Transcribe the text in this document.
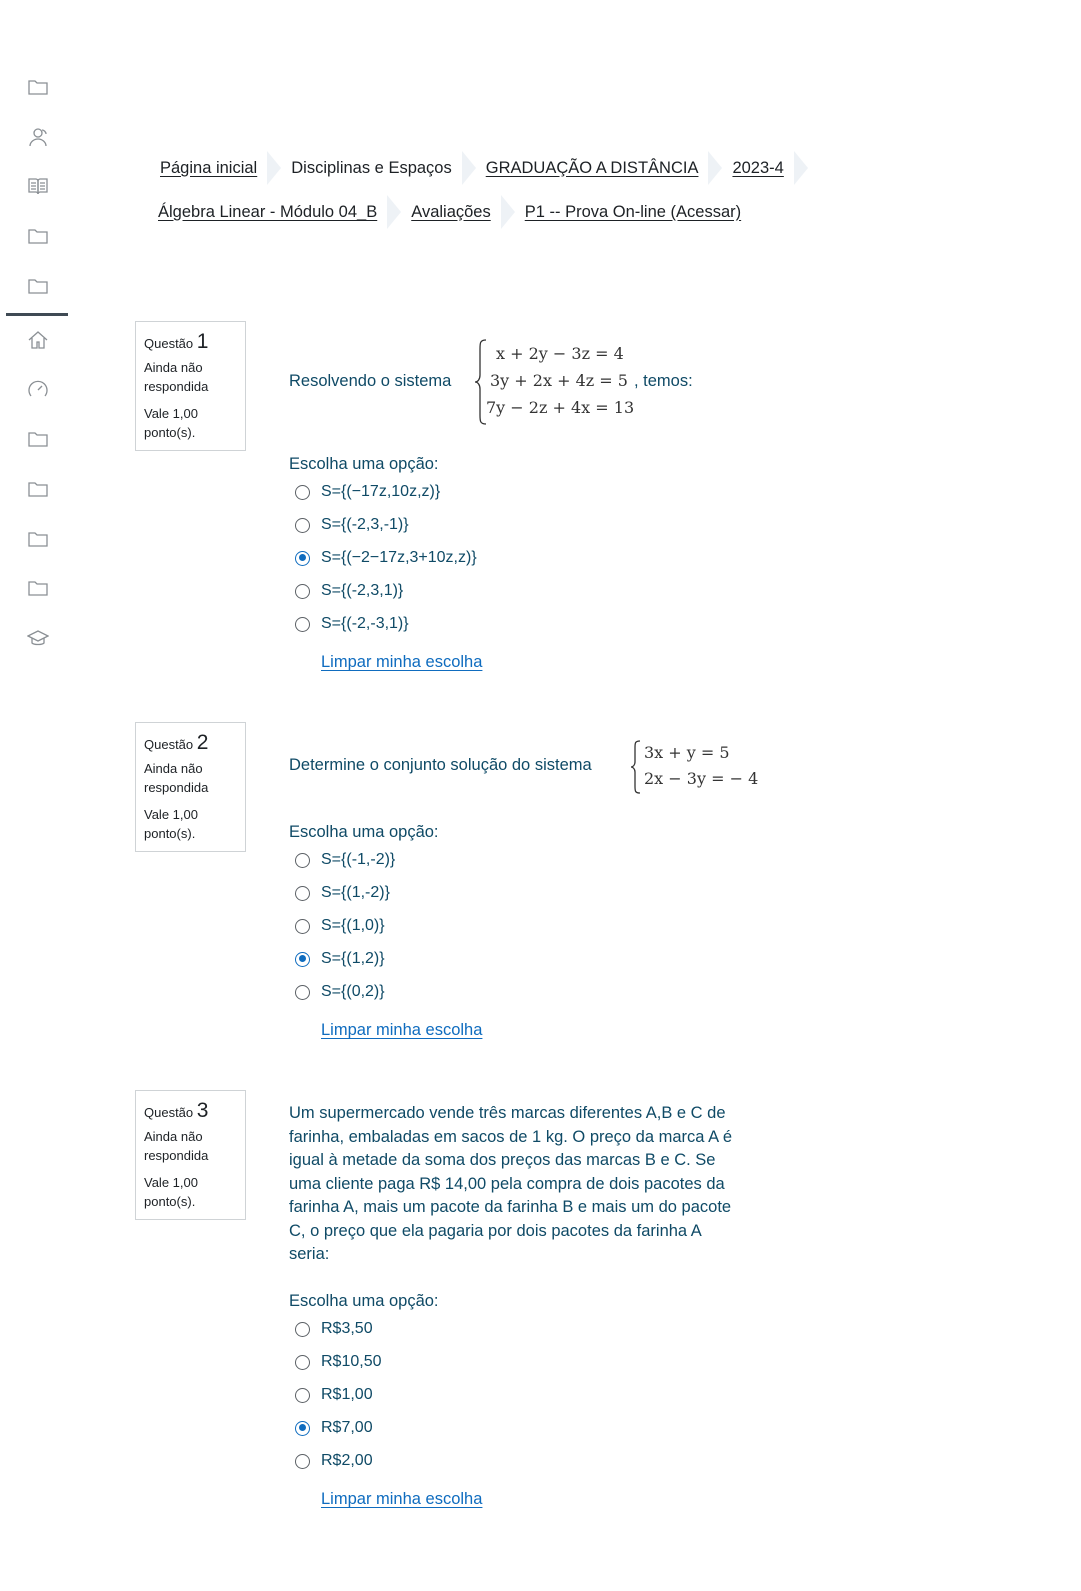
'''
Página inicial Disciplinas e Espaços GRADUAÇÃO A DISTÂNCIA 2023-4
Álgebra Linear - Módulo 04_B Avaliações P1 -- Prova On-line (Acessar)
Questão 1
Ainda não respondida
Vale 1,00 ponto(s).
Resolvendo o sistema
x + 2y − 3z = 4
3y + 2x + 4z = 5
7y − 2z + 4x = 13
, temos:
Escolha uma opção:
S={(−17z,10z,z)}
S={(-2,3,-1)}
S={(−2−17z,3+10z,z)}
S={(-2,3,1)}
S={(-2,-3,1)}
Limpar minha escolha
Questão 2
Ainda não respondida
Vale 1,00 ponto(s).
Determine o conjunto solução do sistema
3x + y = 5
2x − 3y = − 4
Escolha uma opção:
S={(-1,-2)}
S={(1,-2)}
S={(1,0)}
S={(1,2)}
S={(0,2)}
Limpar minha escolha
Questão 3
Ainda não respondida
Vale 1,00 ponto(s).
Um supermercado vende três marcas diferentes A,B e C de
farinha, embaladas em sacos de 1 kg. O preço da marca A é
igual à metade da soma dos preços das marcas B e C. Se
uma cliente paga R$ 14,00 pela compra de dois pacotes da
farinha A, mais um pacote da farinha B e mais um do pacote
C, o preço que ela pagaria por dois pacotes da farinha A
seria:
Escolha uma opção:
R$3,50
R$10,50
R$1,00
R$7,00
R$2,00
Limpar minha escolha
